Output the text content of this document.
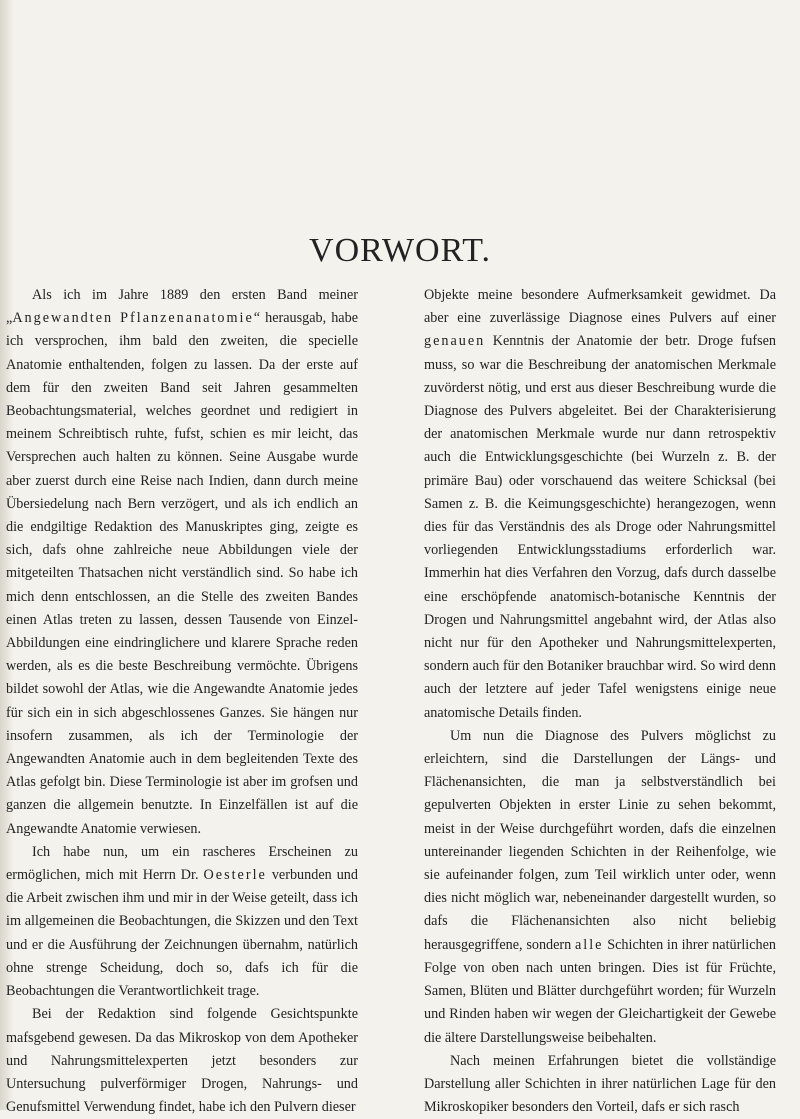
VORWORT.

Als ich im Jahre 1889 den ersten Band meiner „Angewandten Pflanzenanatomie“ herausgab, habe ich versprochen, ihm bald den zweiten, die specielle Anatomie enthaltenden, folgen zu lassen. Da der erste auf dem für den zweiten Band seit Jahren gesammelten Beobachtungsmaterial, welches geordnet und redigiert in meinem Schreibtisch ruhte, fufst, schien es mir leicht, das Versprechen auch halten zu können. Seine Ausgabe wurde aber zuerst durch eine Reise nach Indien, dann durch meine Übersiedelung nach Bern verzögert, und als ich endlich an die endgiltige Redaktion des Manuskriptes ging, zeigte es sich, dafs ohne zahlreiche neue Abbildungen viele der mitgeteilten Thatsachen nicht verständlich sind. So habe ich mich denn entschlossen, an die Stelle des zweiten Bandes einen Atlas treten zu lassen, dessen Tausende von Einzel-Abbildungen eine eindringlichere und klarere Sprache reden werden, als es die beste Beschreibung vermöchte. Übrigens bildet sowohl der Atlas, wie die Angewandte Anatomie jedes für sich ein in sich abgeschlossenes Ganzes. Sie hängen nur insofern zusammen, als ich der Terminologie der Angewandten Anatomie auch in dem begleitenden Texte des Atlas gefolgt bin. Diese Terminologie ist aber im grofsen und ganzen die allgemein benutzte. In Einzelfällen ist auf die Angewandte Anatomie verwiesen.

Ich habe nun, um ein rascheres Erscheinen zu ermöglichen, mich mit Herrn Dr. Oesterle verbunden und die Arbeit zwischen ihm und mir in der Weise geteilt, dass ich im allgemeinen die Beobachtungen, die Skizzen und den Text und er die Ausführung der Zeichnungen übernahm, natürlich ohne strenge Scheidung, doch so, dafs ich für die Beobachtungen die Verantwortlichkeit trage.

Bei der Redaktion sind folgende Gesichtspunkte mafsgebend gewesen. Da das Mikroskop von dem Apotheker und Nahrungsmittelexperten jetzt besonders zur Untersuchung pulverförmiger Drogen, Nahrungs- und Genufsmittel Verwendung findet, habe ich den Pulvern dieser

Objekte meine besondere Aufmerksamkeit gewidmet. Da aber eine zuverlässige Diagnose eines Pulvers auf einer genauen Kenntnis der Anatomie der betr. Droge fufsen muss, so war die Beschreibung der anatomischen Merkmale zuvörderst nötig, und erst aus dieser Beschreibung wurde die Diagnose des Pulvers abgeleitet. Bei der Charakterisierung der anatomischen Merkmale wurde nur dann retrospektiv auch die Entwicklungsgeschichte (bei Wurzeln z. B. der primäre Bau) oder vorschauend das weitere Schicksal (bei Samen z. B. die Keimungsgeschichte) herangezogen, wenn dies für das Verständnis des als Droge oder Nahrungsmittel vorliegenden Entwicklungsstadiums erforderlich war. Immerhin hat dies Verfahren den Vorzug, dafs durch dasselbe eine erschöpfende anatomisch-botanische Kenntnis der Drogen und Nahrungsmittel angebahnt wird, der Atlas also nicht nur für den Apotheker und Nahrungsmittelexperten, sondern auch für den Botaniker brauchbar wird. So wird denn auch der letztere auf jeder Tafel wenigstens einige neue anatomische Details finden.

Um nun die Diagnose des Pulvers möglichst zu erleichtern, sind die Darstellungen der Längs- und Flächenansichten, die man ja selbstverständlich bei gepulverten Objekten in erster Linie zu sehen bekommt, meist in der Weise durchgeführt worden, dafs die einzelnen untereinander liegenden Schichten in der Reihenfolge, wie sie aufeinander folgen, zum Teil wirklich unter oder, wenn dies nicht möglich war, nebeneinander dargestellt wurden, so dafs die Flächenansichten also nicht beliebig herausgegriffene, sondern alle Schichten in ihrer natürlichen Folge von oben nach unten bringen. Dies ist für Früchte, Samen, Blüten und Blätter durchgeführt worden; für Wurzeln und Rinden haben wir wegen der Gleichartigkeit der Gewebe die ältere Darstellungsweise beibehalten.

Nach meinen Erfahrungen bietet die vollständige Darstellung aller Schichten in ihrer natürlichen Lage für den Mikroskopiker besonders den Vorteil, dafs er sich rasch
